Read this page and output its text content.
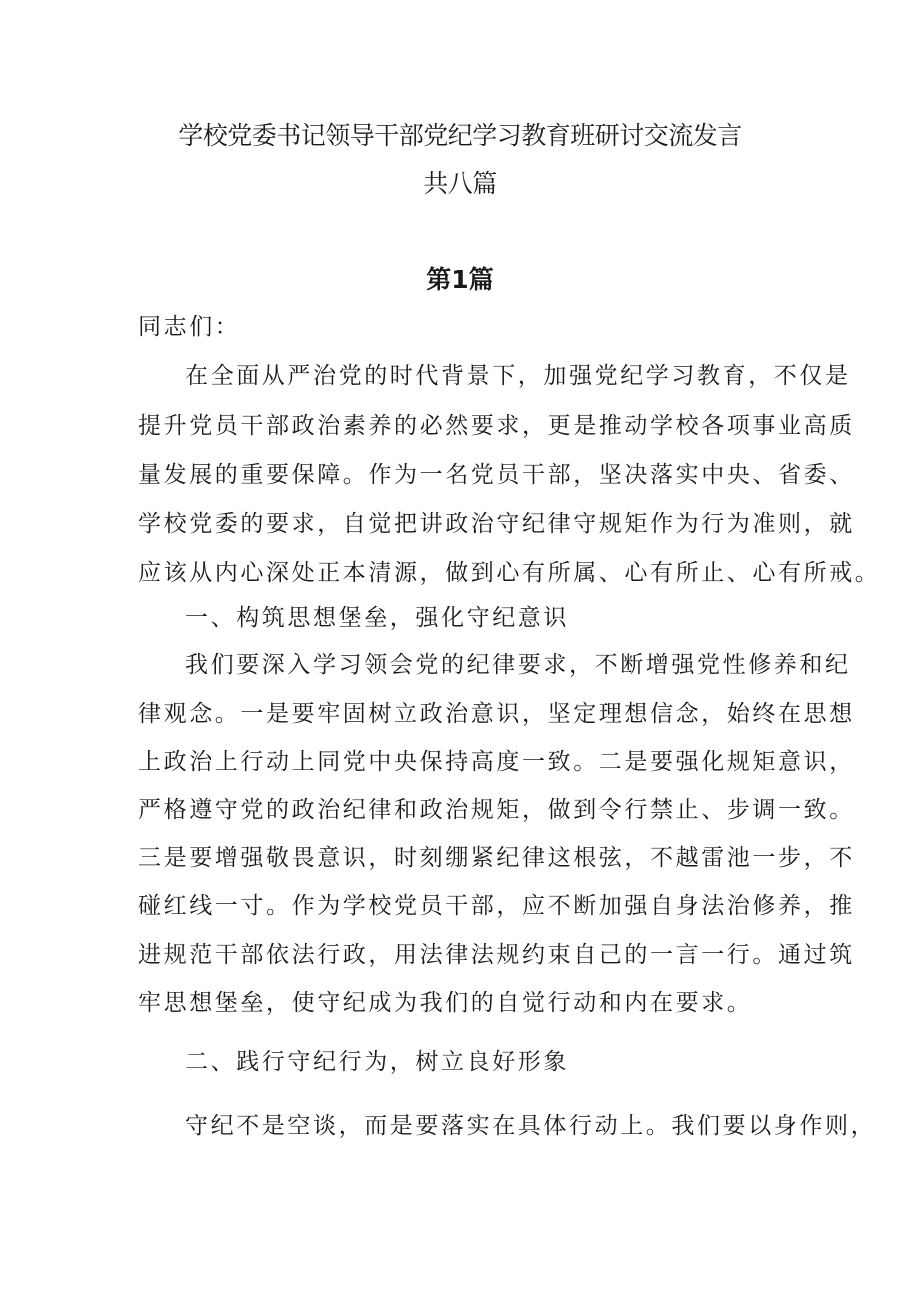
学校党委书记领导干部党纪学习教育班研讨交流发言
共八篇
第1篇
同志们：
在全面从严治党的时代背景下，加强党纪学习教育，不仅是
提升党员干部政治素养的必然要求，更是推动学校各项事业高质
量发展的重要保障。作为一名党员干部，坚决落实中央、省委、
学校党委的要求，自觉把讲政治守纪律守规矩作为行为准则，就
应该从内心深处正本清源，做到心有所属、心有所止、心有所戒。
一、构筑思想堡垒，强化守纪意识
我们要深入学习领会党的纪律要求，不断增强党性修养和纪
律观念。一是要牢固树立政治意识，坚定理想信念，始终在思想
上政治上行动上同党中央保持高度一致。二是要强化规矩意识，
严格遵守党的政治纪律和政治规矩，做到令行禁止、步调一致。
三是要增强敬畏意识，时刻绷紧纪律这根弦，不越雷池一步，不
碰红线一寸。作为学校党员干部，应不断加强自身法治修养，推
进规范干部依法行政，用法律法规约束自己的一言一行。通过筑
牢思想堡垒，使守纪成为我们的自觉行动和内在要求。
二、践行守纪行为，树立良好形象
守纪不是空谈，而是要落实在具体行动上。我们要以身作则，
